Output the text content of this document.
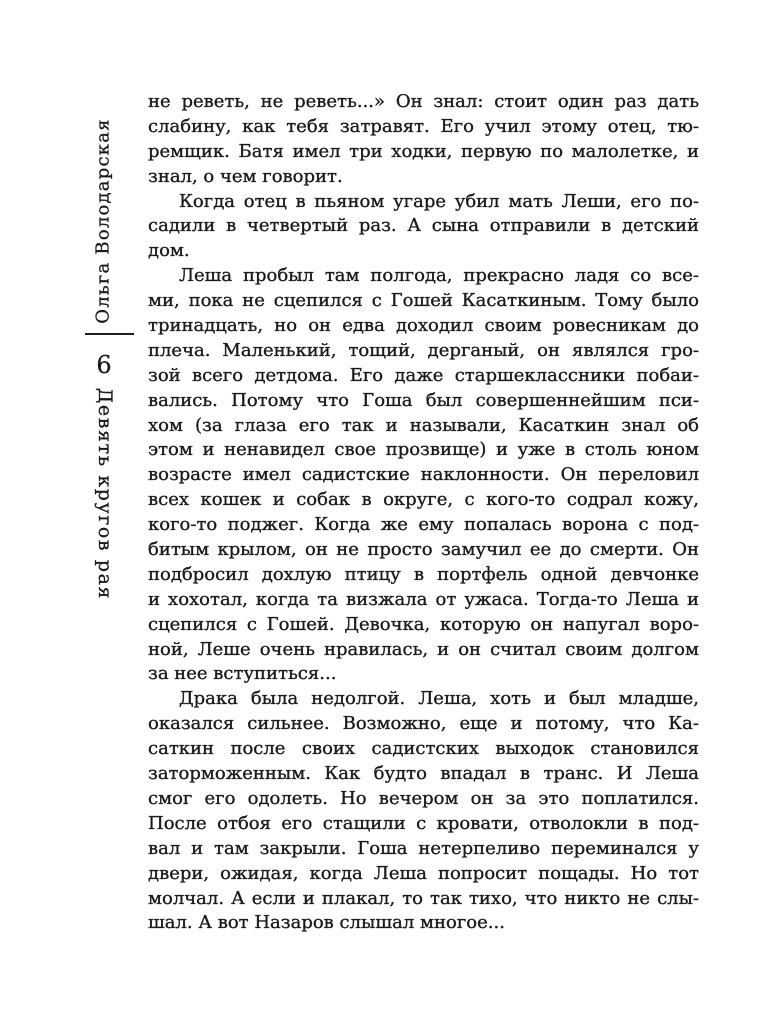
Ольга Володарская
6
Девять кругов рая
не реветь, не реветь...» Он знал: стоит один раз дать
слабину, как тебя затравят. Его учил этому отец, тю-
ремщик. Батя имел три ходки, первую по малолетке, и
знал, о чем говорит.
Когда отец в пьяном угаре убил мать Леши, его по-
садили в четвертый раз. А сына отправили в детский
дом.
Леша пробыл там полгода, прекрасно ладя со все-
ми, пока не сцепился с Гошей Касаткиным. Тому было
тринадцать, но он едва доходил своим ровесникам до
плеча. Маленький, тощий, дерганый, он являлся гро-
зой всего детдома. Его даже старшеклассники побаи-
вались. Потому что Гоша был совершеннейшим пси-
хом (за глаза его так и называли, Касаткин знал об
этом и ненавидел свое прозвище) и уже в столь юном
возрасте имел садистские наклонности. Он переловил
всех кошек и собак в округе, с кого-то содрал кожу,
кого-то поджег. Когда же ему попалась ворона с под-
битым крылом, он не просто замучил ее до смерти. Он
подбросил дохлую птицу в портфель одной девчонке
и хохотал, когда та визжала от ужаса. Тогда-то Леша и
сцепился с Гошей. Девочка, которую он напугал воро-
ной, Леше очень нравилась, и он считал своим долгом
за нее вступиться...
Драка была недолгой. Леша, хоть и был младше,
оказался сильнее. Возможно, еще и потому, что Ка-
саткин после своих садистских выходок становился
заторможенным. Как будто впадал в транс. И Леша
смог его одолеть. Но вечером он за это поплатился.
После отбоя его стащили с кровати, отволокли в под-
вал и там закрыли. Гоша нетерпеливо переминался у
двери, ожидая, когда Леша попросит пощады. Но тот
молчал. А если и плакал, то так тихо, что никто не слы-
шал. А вот Назаров слышал многое...
